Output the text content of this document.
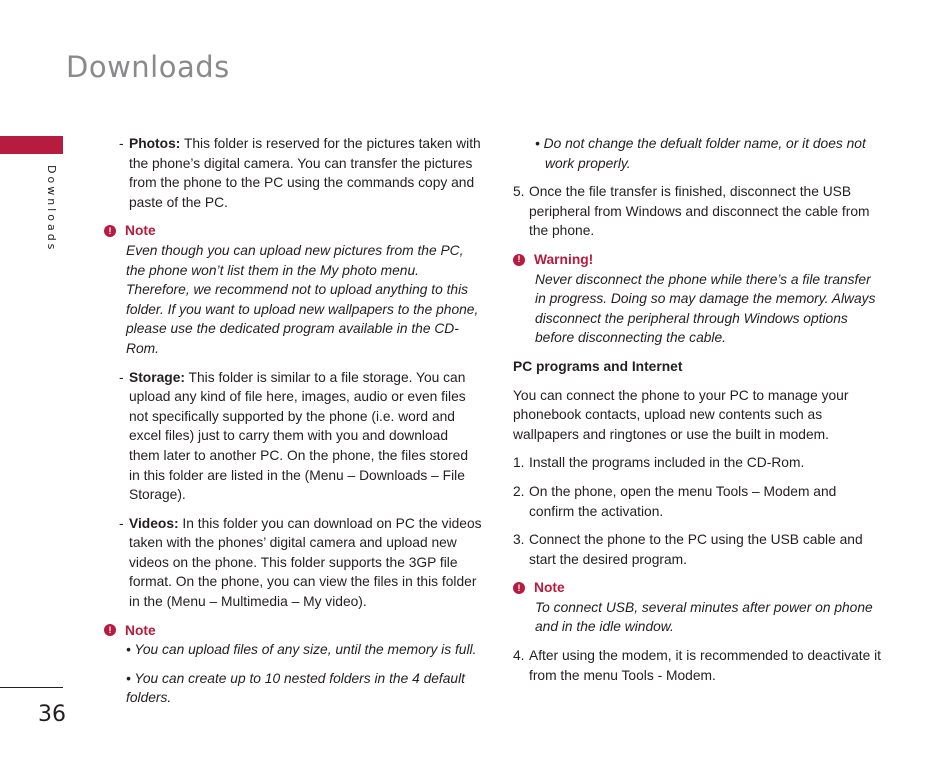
Downloads
Downloads
36
- Photos: This folder is reserved for the pictures taken with the phone’s digital camera. You can transfer the pictures from the phone to the PC using the commands copy and paste of the PC.
! Note
Even though you can upload new pictures from the PC, the phone won’t list them in the My photo menu. Therefore, we recommend not to upload anything to this folder. If you want to upload new wallpapers to the phone, please use the dedicated program available in the CD-Rom.
- Storage: This folder is similar to a file storage. You can upload any kind of file here, images, audio or even files not specifically supported by the phone (i.e. word and excel files) just to carry them with you and download them later to another PC. On the phone, the files stored in this folder are listed in the (Menu – Downloads – File Storage).
- Videos: In this folder you can download on PC the videos taken with the phones’ digital camera and upload new videos on the phone. This folder supports the 3GP file format. On the phone, you can view the files in this folder in the (Menu – Multimedia – My video).
! Note
• You can upload files of any size, until the memory is full.
• You can create up to 10 nested folders in the 4 default folders.
• Do not change the defualt folder name, or it does not work properly.
5. Once the file transfer is finished, disconnect the USB peripheral from Windows and disconnect the cable from the phone.
! Warning!
Never disconnect the phone while there’s a file transfer in progress. Doing so may damage the memory. Always disconnect the peripheral through Windows options before disconnecting the cable.
PC programs and Internet
You can connect the phone to your PC to manage your phonebook contacts, upload new contents such as wallpapers and ringtones or use the built in modem.
1. Install the programs included in the CD-Rom.
2. On the phone, open the menu Tools – Modem and confirm the activation.
3. Connect the phone to the PC using the USB cable and start the desired program.
! Note
To connect USB, several minutes after power on phone and in the idle window.
4. After using the modem, it is recommended to deactivate it from the menu Tools - Modem.
